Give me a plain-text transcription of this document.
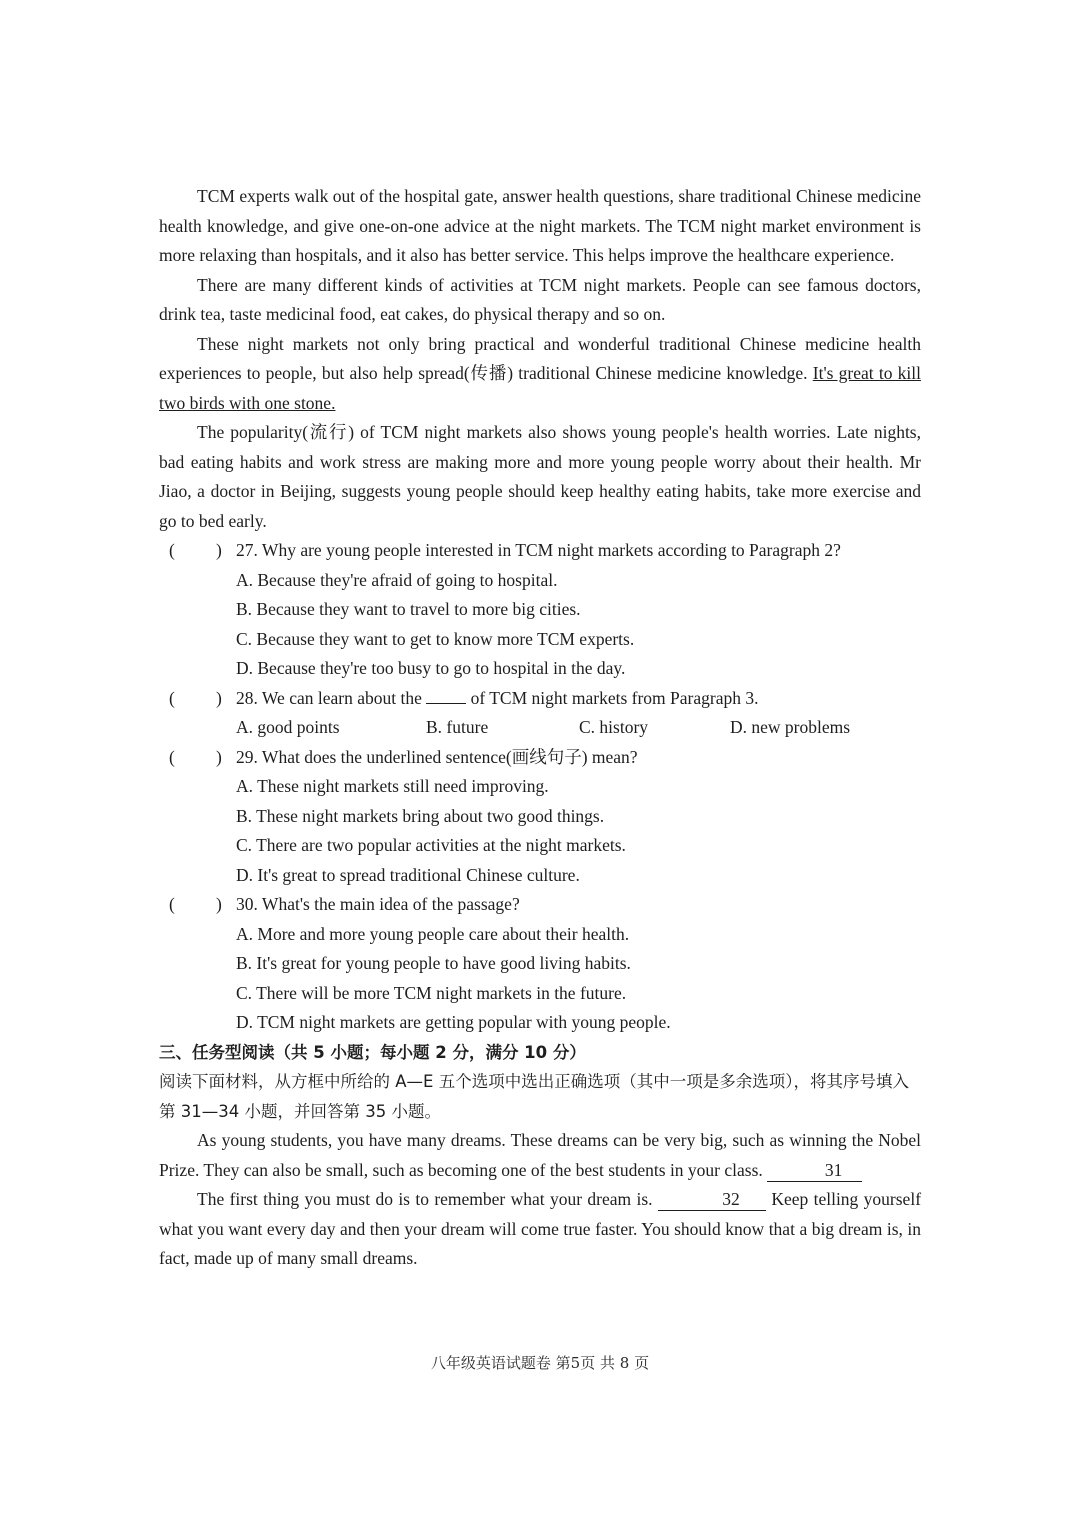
TCM experts walk out of the hospital gate, answer health questions, share traditional Chinese medicine health knowledge, and give one-on-one advice at the night markets. The TCM night market environment is more relaxing than hospitals, and it also has better service. This helps improve the healthcare experience.

There are many different kinds of activities at TCM night markets. People can see famous doctors, drink tea, taste medicinal food, eat cakes, do physical therapy and so on.

These night markets not only bring practical and wonderful traditional Chinese medicine health experiences to people, but also help spread(传播) traditional Chinese medicine knowledge. It's great to kill two birds with one stone.

The popularity(流行) of TCM night markets also shows young people's health worries. Late nights, bad eating habits and work stress are making more and more young people worry about their health. Mr Jiao, a doctor in Beijing, suggests young people should keep healthy eating habits, take more exercise and go to bed early.

( ) 27. Why are young people interested in TCM night markets according to Paragraph 2?

A. Because they're afraid of going to hospital.

B. Because they want to travel to more big cities.

C. Because they want to get to know more TCM experts.

D. Because they're too busy to go to hospital in the day.

( ) 28. We can learn about the  of TCM night markets from Paragraph 3.

A. good points	B. future	C. history	D. new problems

( ) 29. What does the underlined sentence(画线句子) mean?

A. These night markets still need improving.

B. These night markets bring about two good things.

C. There are two popular activities at the night markets.

D. It's great to spread traditional Chinese culture.

( ) 30. What's the main idea of the passage?

A. More and more young people care about their health.

B. It's great for young people to have good living habits.

C. There will be more TCM night markets in the future.

D. TCM night markets are getting popular with young people.

三、任务型阅读（共 5 小题；每小题 2 分，满分 10 分）

阅读下面材料，从方框中所给的 A—E 五个选项中选出正确选项（其中一项是多余选项），将其序号填入第 31—34 小题，并回答第 35 小题。

As young students, you have many dreams. These dreams can be very big, such as winning the Nobel Prize. They can also be small, such as becoming one of the best students in your class.	31

The first thing you must do is to remember what your dream is.	32 Keep telling yourself what you want every day and then your dream will come true faster. You should know that a big dream is, in fact, made up of many small dreams.

八年级英语试题卷 第5页 共 8 页
